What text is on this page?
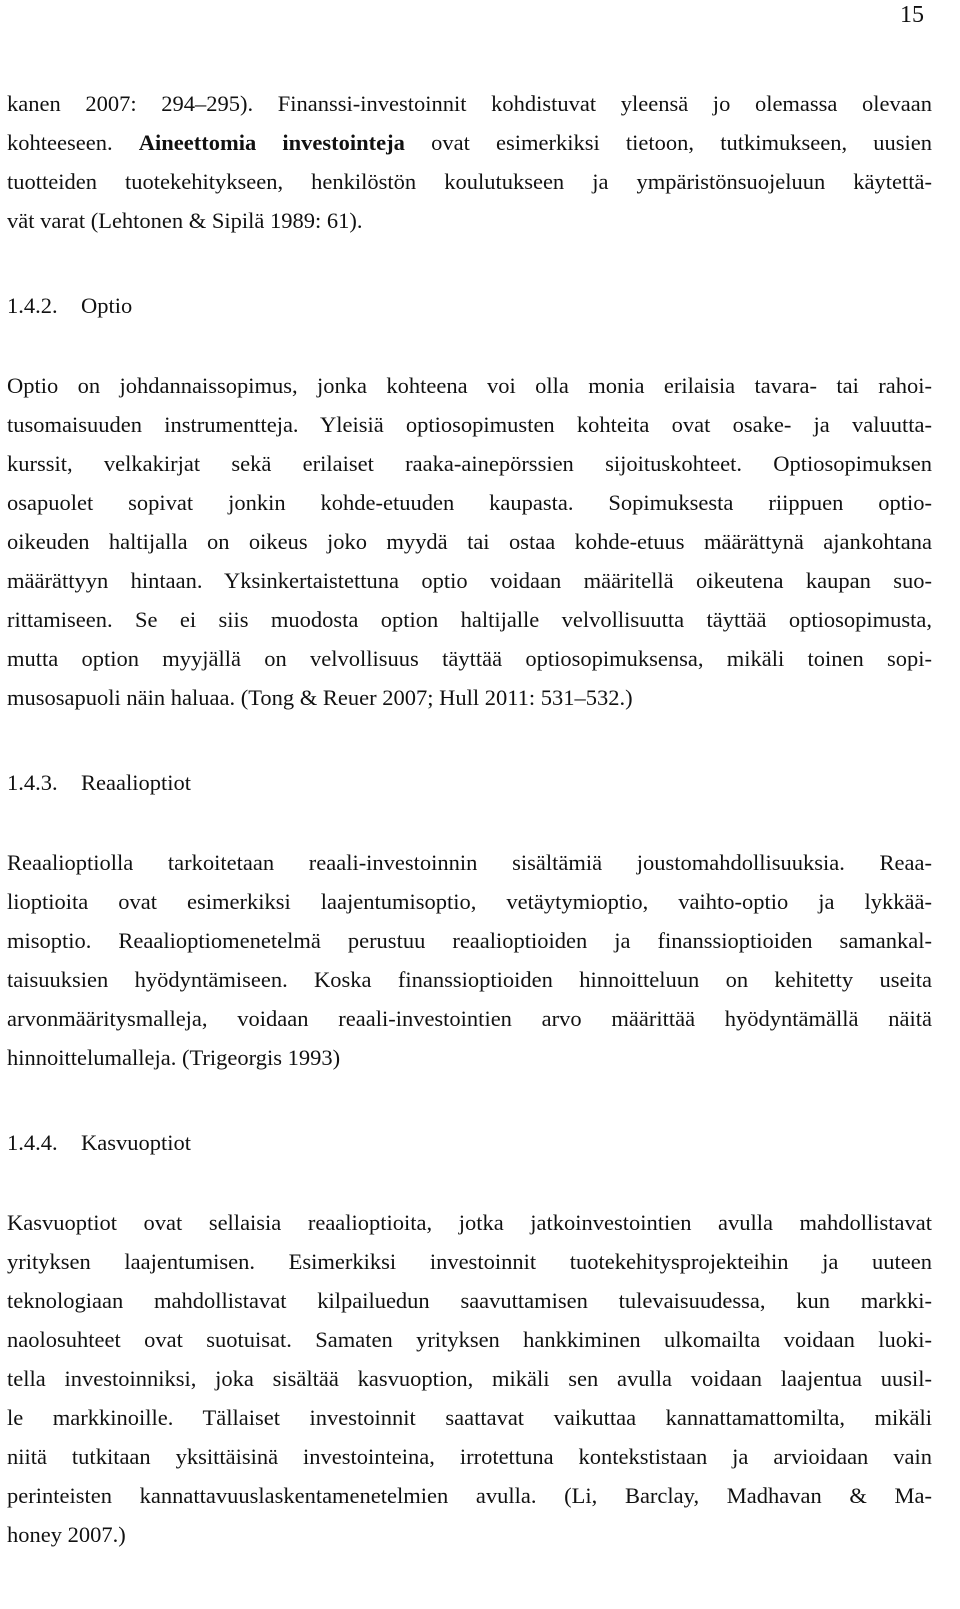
15
kanen 2007: 294–295). Finanssi-investoinnit kohdistuvat yleensä jo olemassa olevaan
kohteeseen. Aineettomia investointeja ovat esimerkiksi tietoon, tutkimukseen, uusien
tuotteiden tuotekehitykseen, henkilöstön koulutukseen ja ympäristönsuojeluun käytettä-
vät varat (Lehtonen & Sipilä 1989: 61).
1.4.2. Optio
Optio on johdannaissopimus, jonka kohteena voi olla monia erilaisia tavara- tai rahoi-
tusomaisuuden instrumentteja. Yleisiä optiosopimusten kohteita ovat osake- ja valuutta-
kurssit, velkakirjat sekä erilaiset raaka-ainepörssien sijoituskohteet. Optiosopimuksen
osapuolet sopivat jonkin kohde-etuuden kaupasta. Sopimuksesta riippuen optio-
oikeuden haltijalla on oikeus joko myydä tai ostaa kohde-etuus määrättynä ajankohtana
määrättyyn hintaan. Yksinkertaistettuna optio voidaan määritellä oikeutena kaupan suo-
rittamiseen. Se ei siis muodosta option haltijalle velvollisuutta täyttää optiosopimusta,
mutta option myyjällä on velvollisuus täyttää optiosopimuksensa, mikäli toinen sopi-
musosapuoli näin haluaa. (Tong & Reuer 2007; Hull 2011: 531–532.)
1.4.3. Reaalioptiot
Reaalioptiolla tarkoitetaan reaali-investoinnin sisältämiä joustomahdollisuuksia. Reaa-
lioptioita ovat esimerkiksi laajentumisoptio, vetäytymioptio, vaihto-optio ja lykkää-
misoptio. Reaalioptiomenetelmä perustuu reaalioptioiden ja finanssioptioiden samankal-
taisuuksien hyödyntämiseen. Koska finanssioptioiden hinnoitteluun on kehitetty useita
arvonmääritysmalleja, voidaan reaali-investointien arvo määrittää hyödyntämällä näitä
hinnoittelumalleja. (Trigeorgis 1993)
1.4.4. Kasvuoptiot
Kasvuoptiot ovat sellaisia reaalioptioita, jotka jatkoinvestointien avulla mahdollistavat
yrityksen laajentumisen. Esimerkiksi investoinnit tuotekehitysprojekteihin ja uuteen
teknologiaan mahdollistavat kilpailuedun saavuttamisen tulevaisuudessa, kun markki-
naolosuhteet ovat suotuisat. Samaten yrityksen hankkiminen ulkomailta voidaan luoki-
tella investoinniksi, joka sisältää kasvuoption, mikäli sen avulla voidaan laajentua uusil-
le markkinoille. Tällaiset investoinnit saattavat vaikuttaa kannattamattomilta, mikäli
niitä tutkitaan yksittäisinä investointeina, irrotettuna kontekstistaan ja arvioidaan vain
perinteisten kannattavuuslaskentamenetelmien avulla. (Li, Barclay, Madhavan & Ma-
honey 2007.)
